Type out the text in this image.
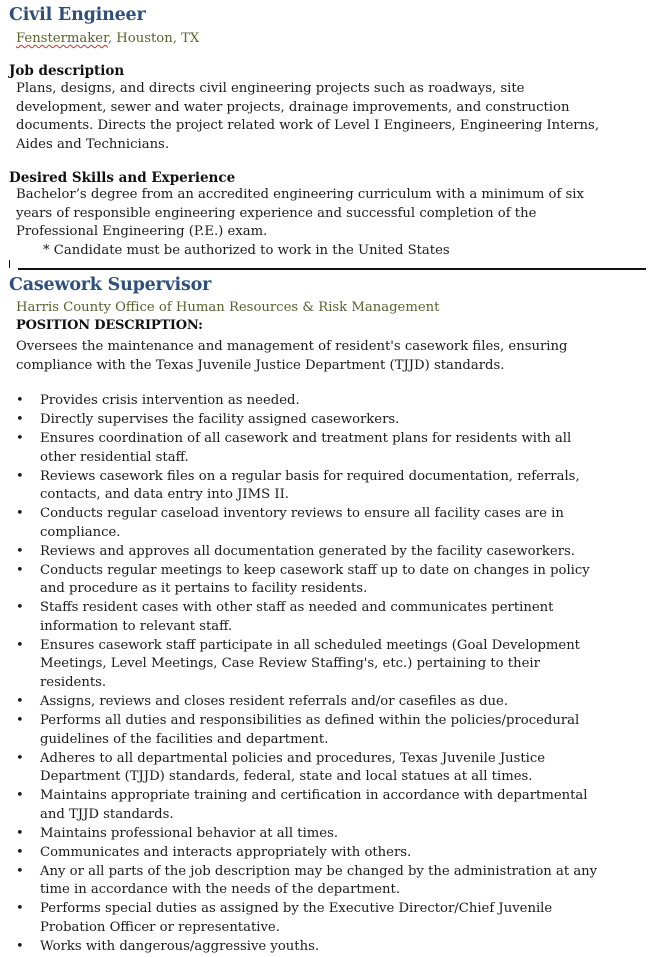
Civil Engineer

Fenstermaker, Houston, TX

Job description

Plans, designs, and directs civil engineering projects such as roadways, site development, sewer and water projects, drainage improvements, and construction documents. Directs the project related work of Level I Engineers, Engineering Interns, Aides and Technicians.

Desired Skills and Experience

Bachelor’s degree from an accredited engineering curriculum with a minimum of six years of responsible engineering experience and successful completion of the Professional Engineering (P.E.) exam.

* Candidate must be authorized to work in the United States

Casework Supervisor

Harris County Office of Human Resources & Risk Management

POSITION DESCRIPTION:

Oversees the maintenance and management of resident's casework files, ensuring compliance with the Texas Juvenile Justice Department (TJJD) standards.

• Provides crisis intervention as needed.
• Directly supervises the facility assigned caseworkers.
• Ensures coordination of all casework and treatment plans for residents with all other residential staff.
• Reviews casework files on a regular basis for required documentation, referrals, contacts, and data entry into JIMS II.
• Conducts regular caseload inventory reviews to ensure all facility cases are in compliance.
• Reviews and approves all documentation generated by the facility caseworkers.
• Conducts regular meetings to keep casework staff up to date on changes in policy and procedure as it pertains to facility residents.
• Staffs resident cases with other staff as needed and communicates pertinent information to relevant staff.
• Ensures casework staff participate in all scheduled meetings (Goal Development Meetings, Level Meetings, Case Review Staffing's, etc.) pertaining to their residents.
• Assigns, reviews and closes resident referrals and/or casefiles as due.
• Performs all duties and responsibilities as defined within the policies/procedural guidelines of the facilities and department.
• Adheres to all departmental policies and procedures, Texas Juvenile Justice Department (TJJD) standards, federal, state and local statues at all times.
• Maintains appropriate training and certification in accordance with departmental and TJJD standards.
• Maintains professional behavior at all times.
• Communicates and interacts appropriately with others.
• Any or all parts of the job description may be changed by the administration at any time in accordance with the needs of the department.
• Performs special duties as assigned by the Executive Director/Chief Juvenile Probation Officer or representative.
• Works with dangerous/aggressive youths.
